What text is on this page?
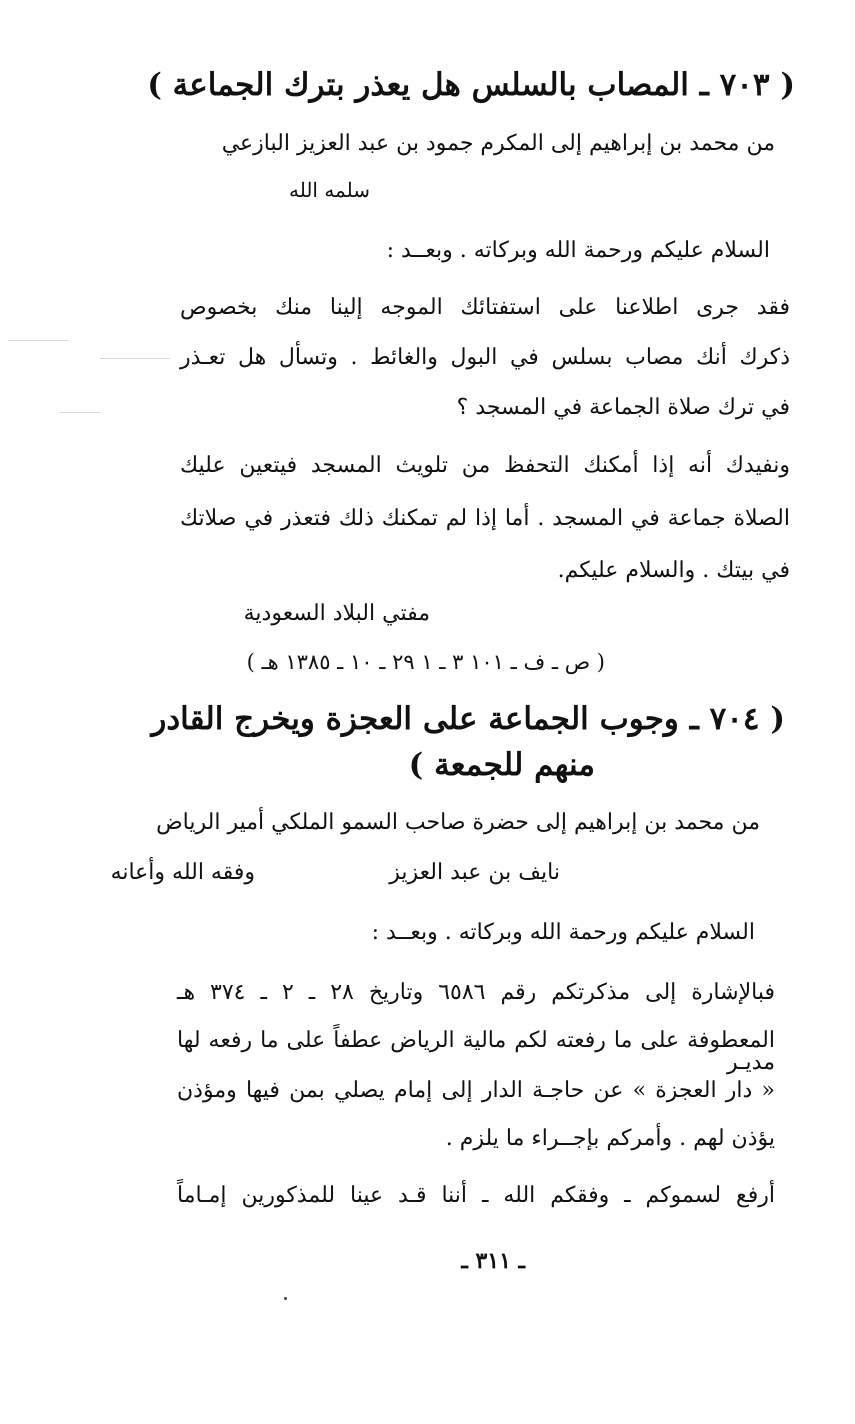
( ٧٠٣ ـ المصاب بالسلس هل يعذر بترك الجماعة )
من محمد بن إبراهيم إلى المكرم جمود بن عبد العزيز البازعي
سلمه الله
السلام عليكم ورحمة الله وبركاته . وبعــد :
فقد جرى اطلاعنا على استفتائك الموجه إلينا منك بخصوص
ذكرك أنك مصاب بسلس في البول والغائط . وتسأل هل تعـذر
في ترك صلاة الجماعة في المسجد ؟
ونفيدك أنه إذا أمكنك التحفظ من تلويث المسجد فيتعين عليك
الصلاة جماعة في المسجد . أما إذا لم تمكنك ذلك فتعذر في صلاتك
في بيتك . والسلام عليكم.
مفتي البلاد السعودية
( ص ـ ف ـ ١٠١ ٣ ـ ١ ٢٩ ـ ١٠ ـ ١٣٨٥ هـ )
( ٧٠٤ ـ وجوب الجماعة على العجزة ويخرج القادر
منهم للجمعة )
من محمد بن إبراهيم إلى حضرة صاحب السمو الملكي أمير الرياض
نايف بن عبد العزيز
وفقه الله وأعانه
السلام عليكم ورحمة الله وبركاته . وبعــد :
فبالإشارة إلى مذكرتكم رقم ٦٥٨٦ وتاريخ ٢٨ ـ ٢ ـ ٣٧٤ هـ
المعطوفة على ما رفعته لكم مالية الرياض عطفاً على ما رفعه لها مديـر
« دار العجزة » عن حاجـة الدار إلى إمام يصلي بمن فيها ومؤذن
يؤذن لهم . وأمركم بإجــراء ما يلزم .
أرفع لسموكم ـ وفقكم الله ـ أننا قـد عينا للمذكورين إمـاماً
ـ ٣١١ ـ
